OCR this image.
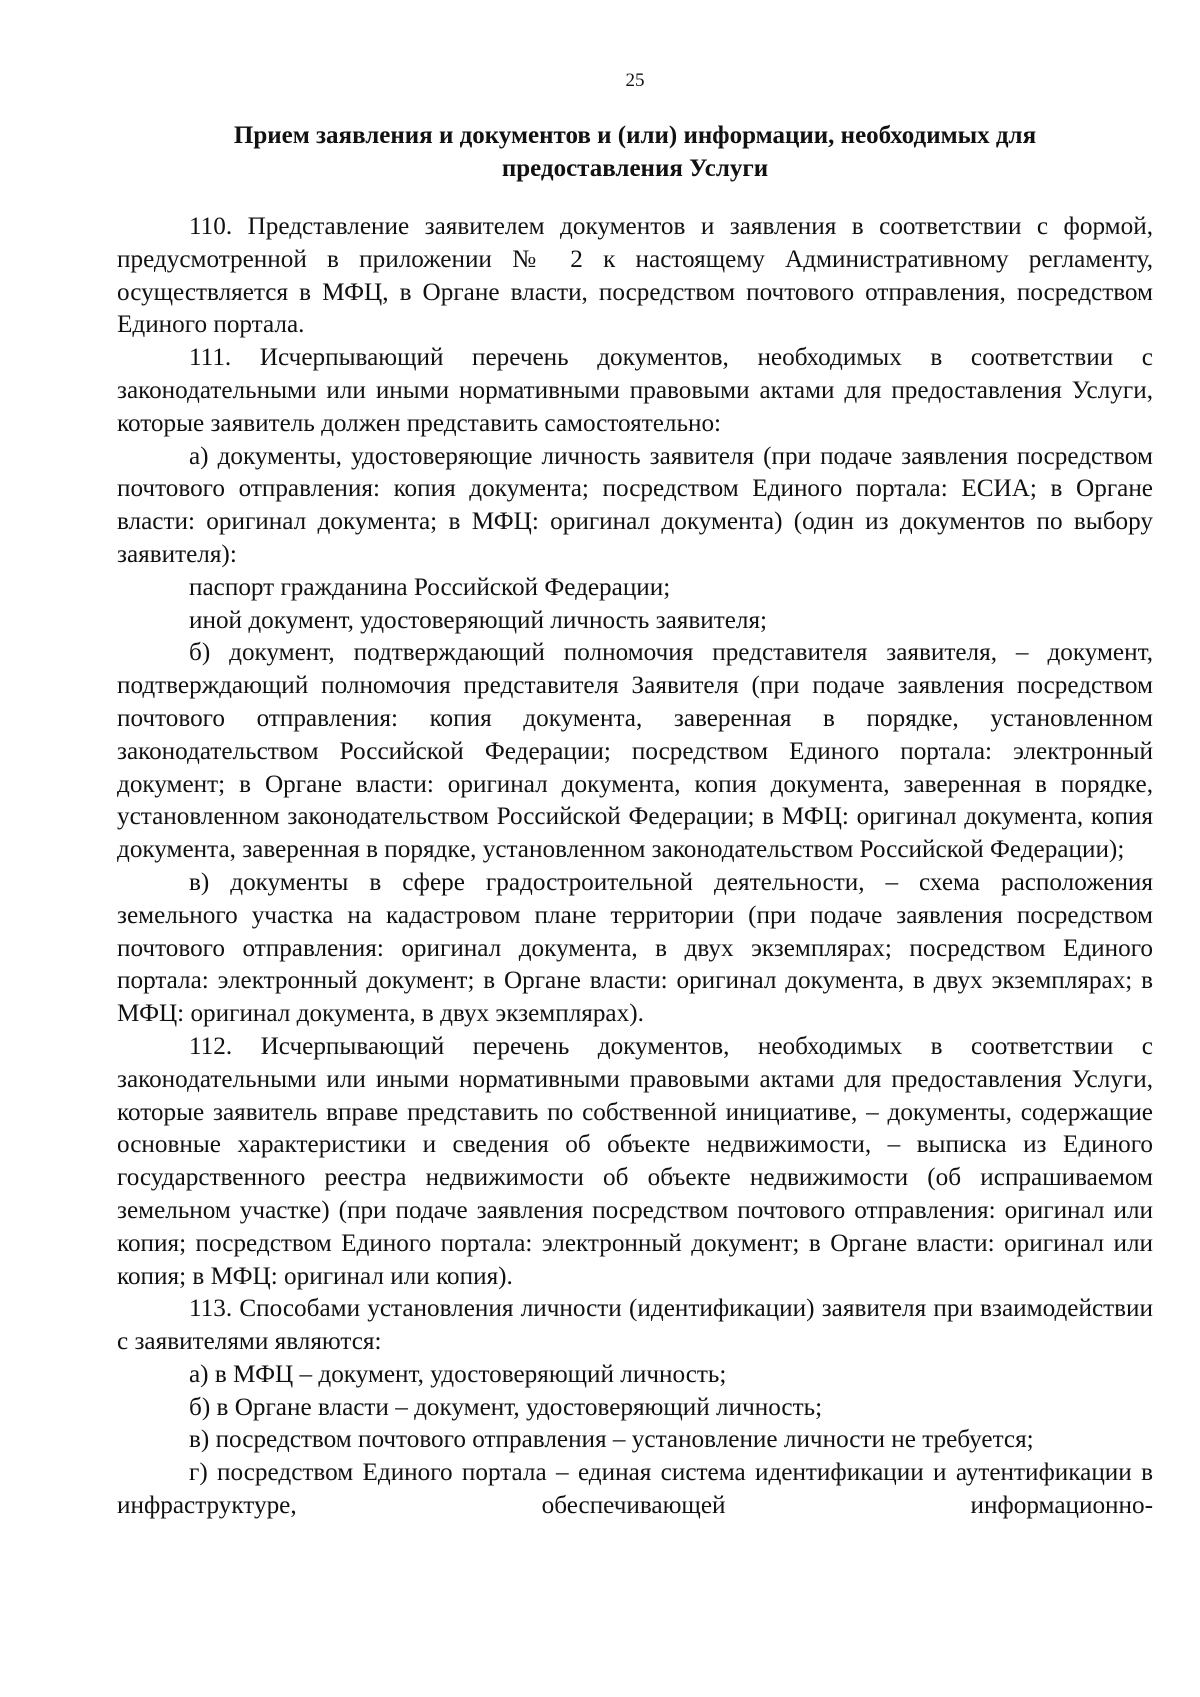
25
Прием заявления и документов и (или) информации, необходимых для
предоставления Услуги

110. Представление заявителем документов и заявления в соответствии с формой, предусмотренной в приложении № 2 к настоящему Административному регламенту, осуществляется в МФЦ, в Органе власти, посредством почтового отправления, посредством Единого портала.

111. Исчерпывающий перечень документов, необходимых в соответствии с законодательными или иными нормативными правовыми актами для предоставления Услуги, которые заявитель должен представить самостоятельно:

а) документы, удостоверяющие личность заявителя (при подаче заявления посредством почтового отправления: копия документа; посредством Единого портала: ЕСИА; в Органе власти: оригинал документа; в МФЦ: оригинал документа) (один из документов по выбору заявителя):

паспорт гражданина Российской Федерации;

иной документ, удостоверяющий личность заявителя;

б) документ, подтверждающий полномочия представителя заявителя, – документ, подтверждающий полномочия представителя Заявителя (при подаче заявления посредством почтового отправления: копия документа, заверенная в порядке, установленном законодательством Российской Федерации; посредством Единого портала: электронный документ; в Органе власти: оригинал документа, копия документа, заверенная в порядке, установленном законодательством Российской Федерации; в МФЦ: оригинал документа, копия документа, заверенная в порядке, установленном законодательством Российской Федерации);

в) документы в сфере градостроительной деятельности, – схема расположения земельного участка на кадастровом плане территории (при подаче заявления посредством почтового отправления: оригинал документа, в двух экземплярах; посредством Единого портала: электронный документ; в Органе власти: оригинал документа, в двух экземплярах; в МФЦ: оригинал документа, в двух экземплярах).

112. Исчерпывающий перечень документов, необходимых в соответствии с законодательными или иными нормативными правовыми актами для предоставления Услуги, которые заявитель вправе представить по собственной инициативе, – документы, содержащие основные характеристики и сведения об объекте недвижимости, – выписка из Единого государственного реестра недвижимости об объекте недвижимости (об испрашиваемом земельном участке) (при подаче заявления посредством почтового отправления: оригинал или копия; посредством Единого портала: электронный документ; в Органе власти: оригинал или копия; в МФЦ: оригинал или копия).

113. Способами установления личности (идентификации) заявителя при взаимодействии с заявителями являются:

а) в МФЦ – документ, удостоверяющий личность;

б) в Органе власти – документ, удостоверяющий личность;

в) посредством почтового отправления – установление личности не требуется;

г) посредством Единого портала – единая система идентификации и аутентификации в инфраструктуре, обеспечивающей информационно-
